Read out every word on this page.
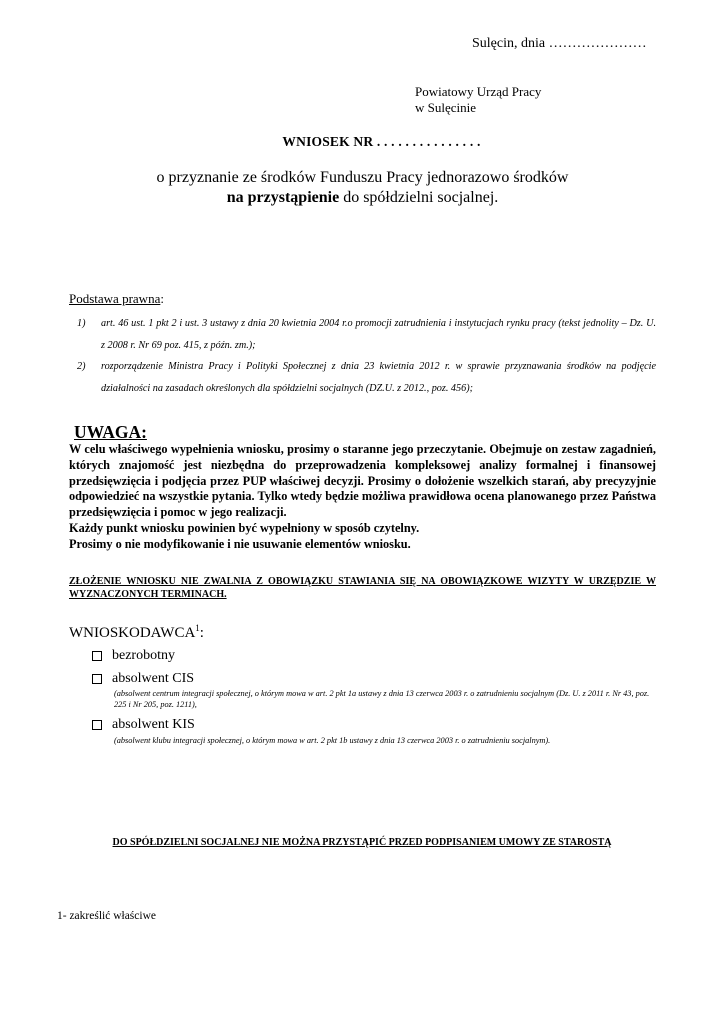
Sulęcin, dnia …………………
Powiatowy Urząd Pracy
w Sulęcinie
WNIOSEK NR . . . . . . . . . . . . . . .
o przyznanie ze środków Funduszu Pracy jednorazowo środków
na przystąpienie do spółdzielni socjalnej.
Podstawa prawna:
1)	art. 46 ust. 1 pkt 2 i ust. 3 ustawy z dnia 20 kwietnia 2004 r.o promocji zatrudnienia i instytucjach rynku pracy (tekst jednolity – Dz. U. z 2008 r. Nr 69 poz. 415, z późn. zm.);
2)	rozporządzenie Ministra Pracy i Polityki Społecznej z dnia 23 kwietnia 2012 r. w sprawie przyznawania środków na podjęcie działalności na zasadach określonych dla spółdzielni socjalnych (DZ.U. z 2012., poz. 456);
UWAGA:

W celu właściwego wypełnienia wniosku, prosimy o staranne jego przeczytanie. Obejmuje on zestaw zagadnień, których znajomość jest niezbędna do przeprowadzenia kompleksowej analizy formalnej i finansowej przedsięwzięcia i podjęcia przez PUP właściwej decyzji. Prosimy o dołożenie wszelkich starań, aby precyzyjnie odpowiedzieć na wszystkie pytania. Tylko wtedy będzie możliwa prawidłowa ocena planowanego przez Państwa przedsięwzięcia i pomoc w jego realizacji.

Każdy punkt wniosku powinien być wypełniony w sposób czytelny.

Prosimy o nie modyfikowanie i nie usuwanie elementów wniosku.

ZŁOŻENIE WNIOSKU NIE ZWALNIA Z OBOWIĄZKU STAWIANIA SIĘ NA OBOWIĄZKOWE WIZYTY W URZĘDZIE W WYZNACZONYCH TERMINACH.
WNIOSKODAWCA$^1$:
bezrobotny
absolwent CIS
(absolwent centrum integracji społecznej, o którym mowa w art. 2 pkt 1a ustawy z dnia 13 czerwca 2003 r. o zatrudnieniu socjalnym (Dz. U. z 2011 r. Nr 43, poz. 225 i Nr 205, poz. 1211),
absolwent KIS
(absolwent klubu integracji społecznej, o którym mowa w art. 2 pkt 1b ustawy z dnia 13 czerwca 2003 r. o zatrudnieniu socjalnym).
DO SPÓŁDZIELNI SOCJALNEJ NIE MOŻNA PRZYSTĄPIĆ PRZED PODPISANIEM UMOWY ZE STAROSTĄ
1- zakreślić właściwe
